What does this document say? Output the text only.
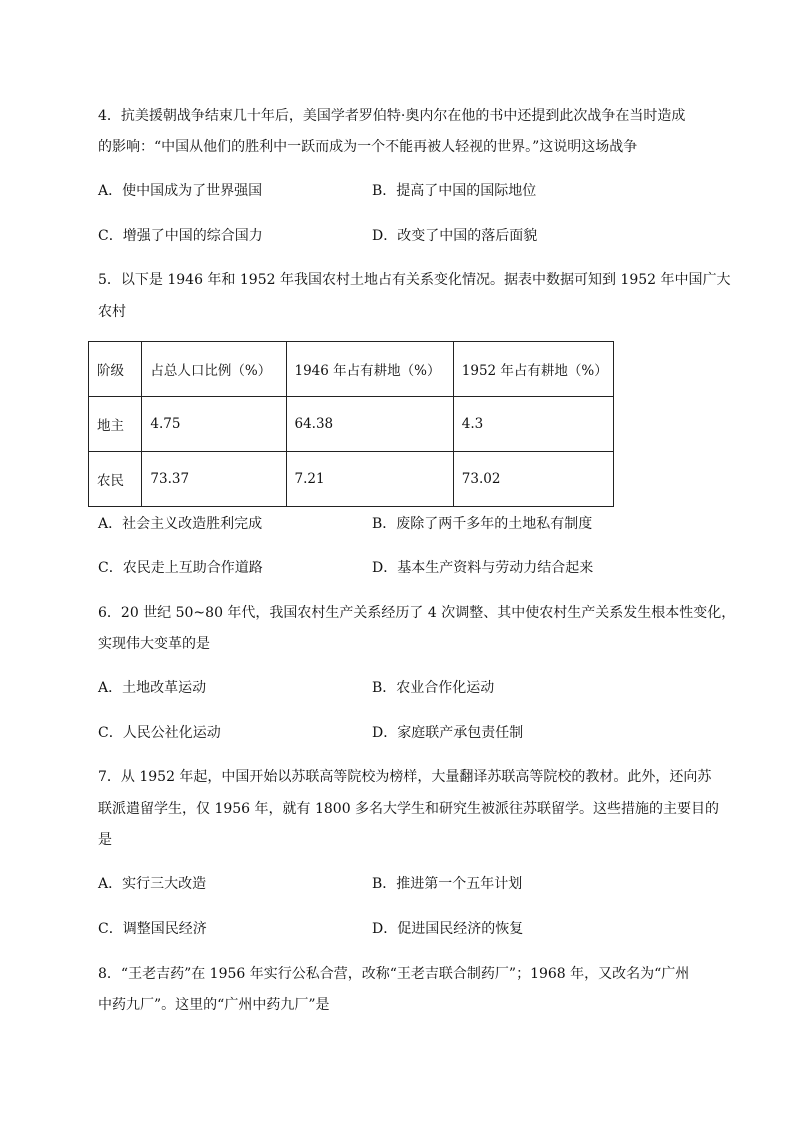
4．抗美援朝战争结束几十年后，美国学者罗伯特·奥内尔在他的书中还提到此次战争在当时造成
的影响：“中国从他们的胜利中一跃而成为一个不能再被人轻视的世界。”这说明这场战争
A．使中国成为了世界强国	B．提高了中国的国际地位
C．增强了中国的综合国力	D．改变了中国的落后面貌
5．以下是 1946 年和 1952 年我国农村土地占有关系变化情况。据表中数据可知到 1952 年中国广大
农村
阶级	占总人口比例（%）	1946 年占有耕地（%）	1952 年占有耕地（%）
地主	4.75	64.38	4.3
农民	73.37	7.21	73.02
A．社会主义改造胜利完成	B．废除了两千多年的土地私有制度
C．农民走上互助合作道路	D．基本生产资料与劳动力结合起来
6．20 世纪 50~80 年代，我国农村生产关系经历了 4 次调整、其中使农村生产关系发生根本性变化，
实现伟大变革的是
A．土地改革运动	B．农业合作化运动
C．人民公社化运动	D．家庭联产承包责任制
7．从 1952 年起，中国开始以苏联高等院校为榜样，大量翻译苏联高等院校的教材。此外，还向苏
联派遣留学生，仅 1956 年，就有 1800 多名大学生和研究生被派往苏联留学。这些措施的主要目的
是
A．实行三大改造	B．推进第一个五年计划
C．调整国民经济	D．促进国民经济的恢复
8．“王老吉药”在 1956 年实行公私合营，改称“王老吉联合制药厂”；1968 年，又改名为“广州
中药九厂”。这里的“广州中药九厂”是
